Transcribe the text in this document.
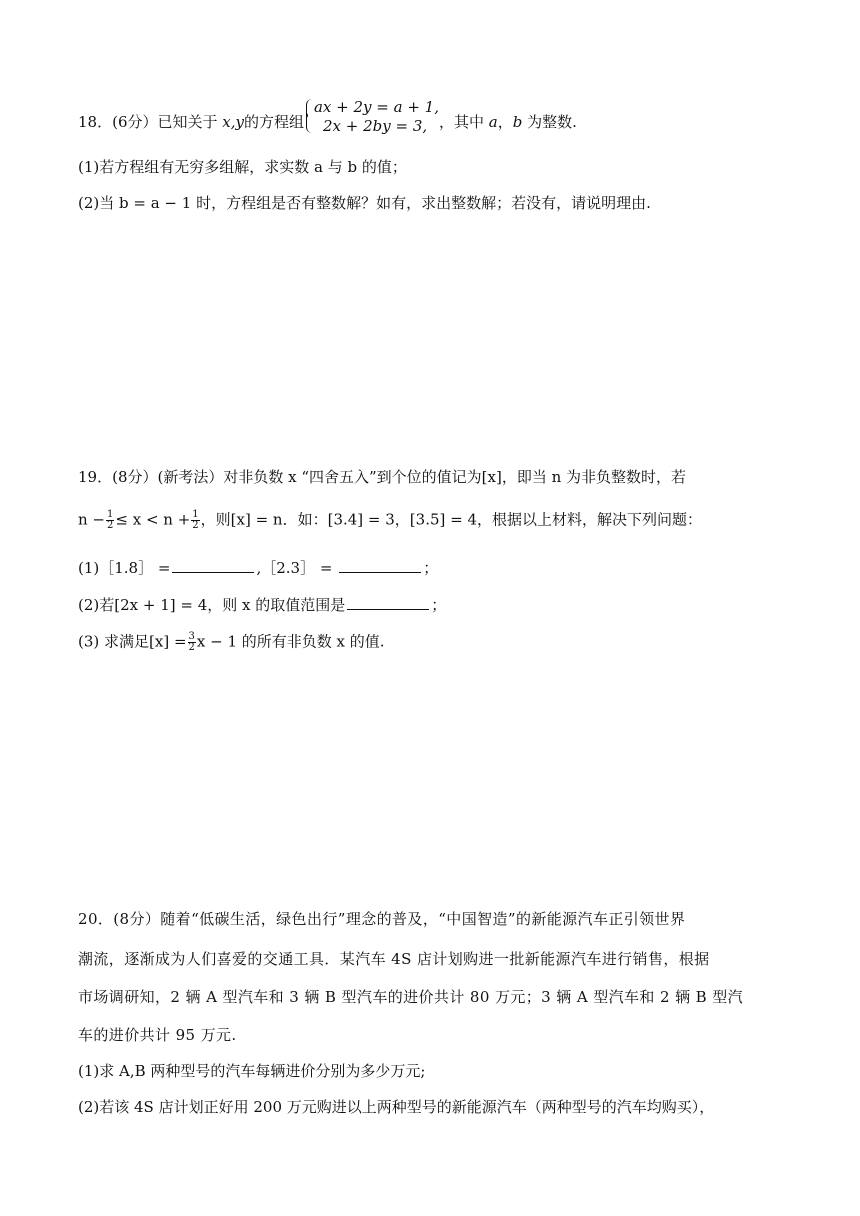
18．(6分）已知关于 x,y的方程组
ax + 2y = a + 1,
2x + 2by = 3, ，其中 a，b 为整数.
(1)若方程组有无穷多组解，求实数 a 与 b 的值；
(2)当 b = a − 1 时，方程组是否有整数解？如有，求出整数解；若没有，请说明理由.
19．(8分）(新考法）对非负数 x “四舍五入”到个位的值记为[x]，即当 n 为非负整数时，若
$n - \frac{1}{2} \le x < n + \frac{1}{2}$ ，则[x] = n．如：[3.4] = 3，[3.5] = 4，根据以上材料，解决下列问题：
(1)［1.8］ =	,［2.3］ =	；
(2)若[2x + 1] = 4，则 x 的取值范围是	；
(3) 求满足$[x] = \frac{3}{2}$ x − 1 的所有非负数 x 的值.
20．(8分）随着“低碳生活，绿色出行”理念的普及，“中国智造”的新能源汽车正引领世界
潮流，逐渐成为人们喜爱的交通工具．某汽车 4S 店计划购进一批新能源汽车进行销售，根据
市场调研知，2 辆 A 型汽车和 3 辆 B 型汽车的进价共计 80 万元；3 辆 A 型汽车和 2 辆 B 型汽
车的进价共计 95 万元.
(1)求 A,B 两种型号的汽车每辆进价分别为多少万元;
(2)若该 4S 店计划正好用 200 万元购进以上两种型号的新能源汽车（两种型号的汽车均购买），
